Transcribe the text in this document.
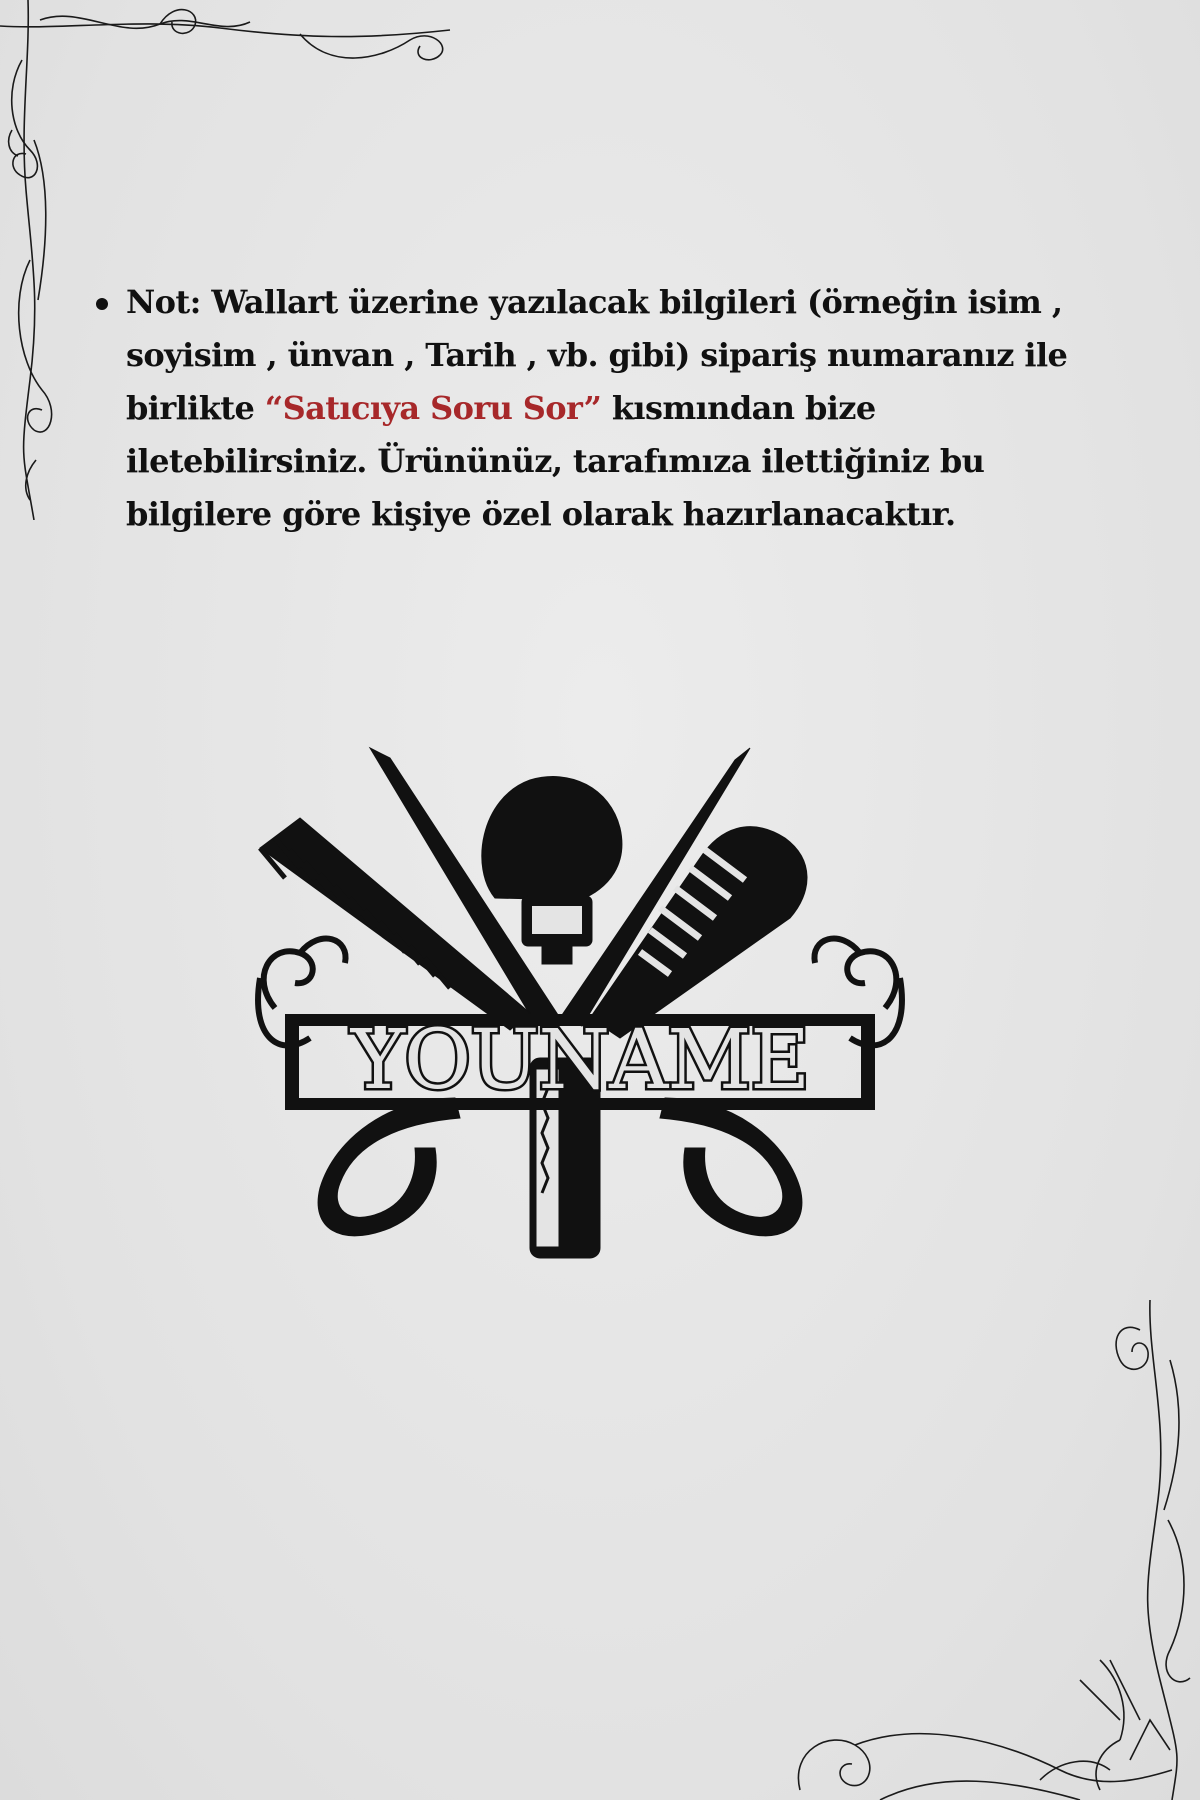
Not: Wallart üzerine yazılacak bilgileri (örneğin isim , soyisim , ünvan , Tarih , vb. gibi) sipariş numaranız ile birlikte “Satıcıya Soru Sor” kısmından bize iletebilirsiniz. Ürününüz, tarafımıza ilettiğiniz bu bilgilere göre kişiye özel olarak hazırlanacaktır.

YOUNAME
